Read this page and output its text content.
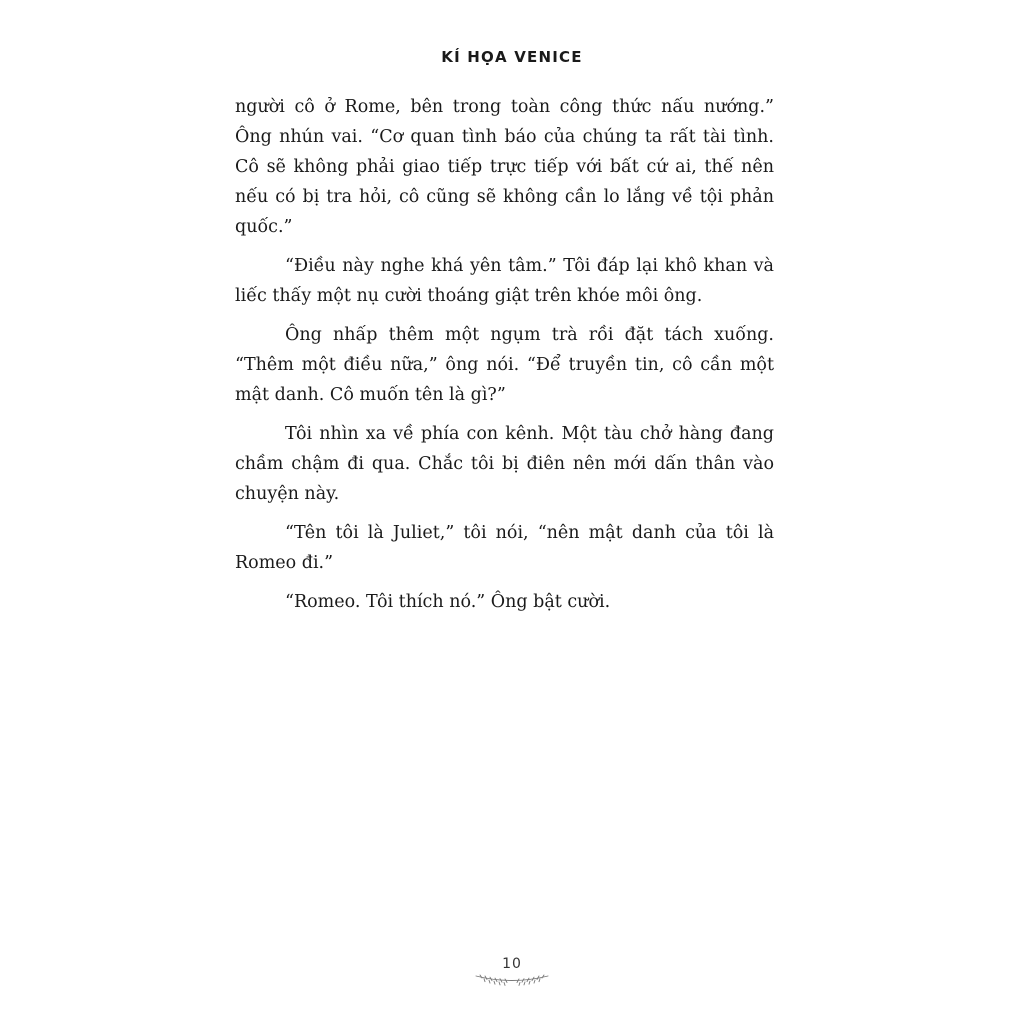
KÍ HỌA VENICE

người cô ở Rome, bên trong toàn công thức nấu nướng.” Ông nhún vai. “Cơ quan tình báo của chúng ta rất tài tình. Cô sẽ không phải giao tiếp trực tiếp với bất cứ ai, thế nên nếu có bị tra hỏi, cô cũng sẽ không cần lo lắng về tội phản quốc.”

“Điều này nghe khá yên tâm.” Tôi đáp lại khô khan và liếc thấy một nụ cười thoáng giật trên khóe môi ông.

Ông nhấp thêm một ngụm trà rồi đặt tách xuống. “Thêm một điều nữa,” ông nói. “Để truyền tin, cô cần một mật danh. Cô muốn tên là gì?”

Tôi nhìn xa về phía con kênh. Một tàu chở hàng đang chầm chậm đi qua. Chắc tôi bị điên nên mới dấn thân vào chuyện này.

“Tên tôi là Juliet,” tôi nói, “nên mật danh của tôi là Romeo đi.”

“Romeo. Tôi thích nó.” Ông bật cười.

10
